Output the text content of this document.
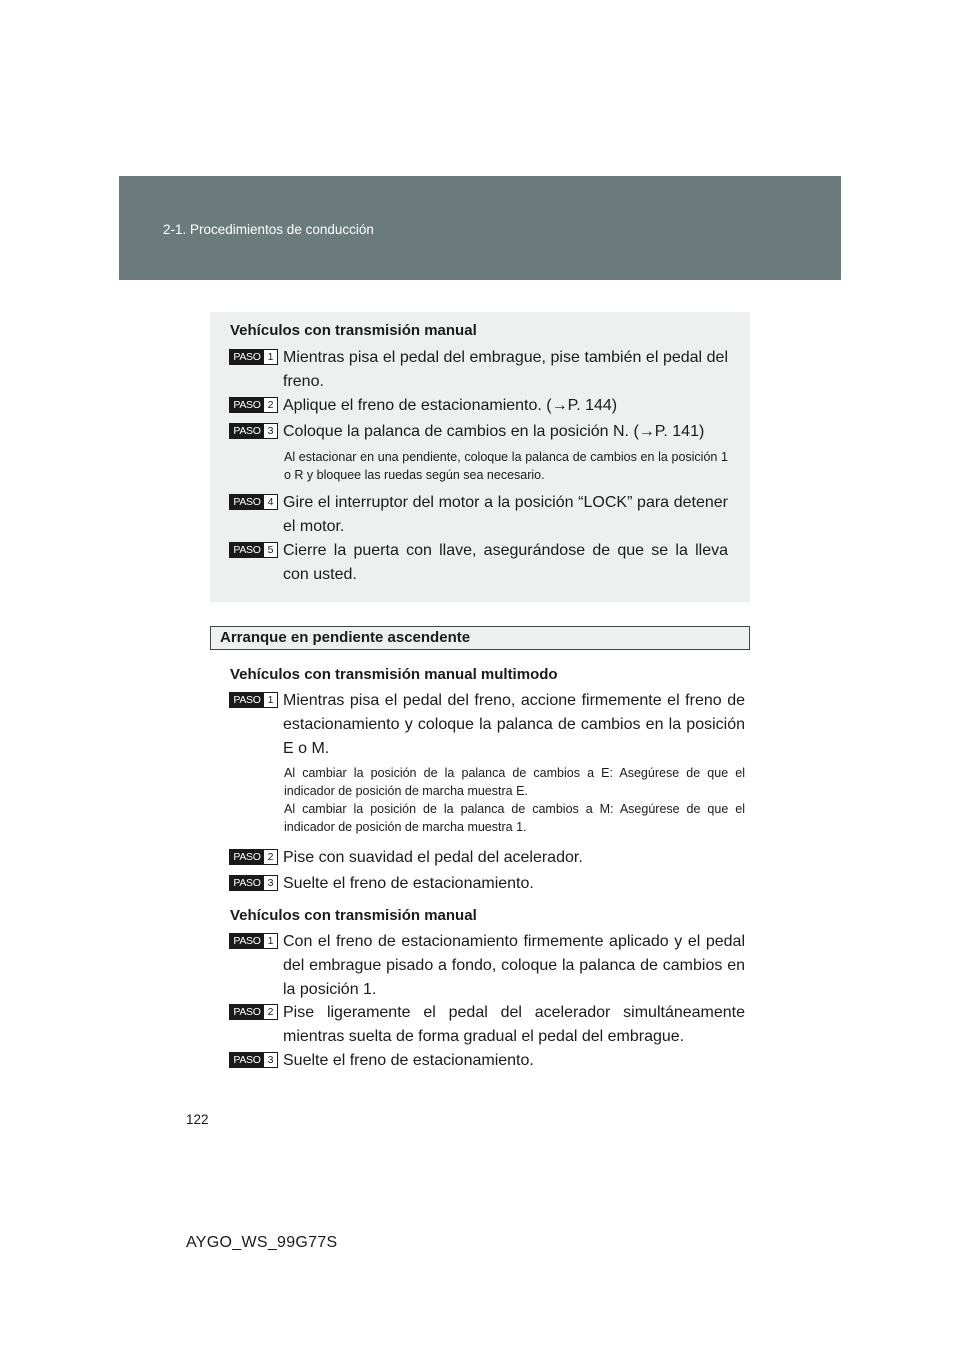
2-1. Procedimientos de conducción
Vehículos con transmisión manual
PASO 1 Mientras pisa el pedal del embrague, pise también el pedal del freno.
PASO 2 Aplique el freno de estacionamiento. (→P. 144)
PASO 3 Coloque la palanca de cambios en la posición N. (→P. 141)
Al estacionar en una pendiente, coloque la palanca de cambios en la posición 1 o R y bloquee las ruedas según sea necesario.
PASO 4 Gire el interruptor del motor a la posición “LOCK” para detener el motor.
PASO 5 Cierre la puerta con llave, asegurándose de que se la lleva con usted.
Arranque en pendiente ascendente
Vehículos con transmisión manual multimodo
PASO 1 Mientras pisa el pedal del freno, accione firmemente el freno de estacionamiento y coloque la palanca de cambios en la posición E o M.
Al cambiar la posición de la palanca de cambios a E: Asegúrese de que el indicador de posición de marcha muestra E.
Al cambiar la posición de la palanca de cambios a M: Asegúrese de que el indicador de posición de marcha muestra 1.
PASO 2 Pise con suavidad el pedal del acelerador.
PASO 3 Suelte el freno de estacionamiento.
Vehículos con transmisión manual
PASO 1 Con el freno de estacionamiento firmemente aplicado y el pedal del embrague pisado a fondo, coloque la palanca de cambios en la posición 1.
PASO 2 Pise ligeramente el pedal del acelerador simultáneamente mientras suelta de forma gradual el pedal del embrague.
PASO 3 Suelte el freno de estacionamiento.
122
AYGO_WS_99G77S
